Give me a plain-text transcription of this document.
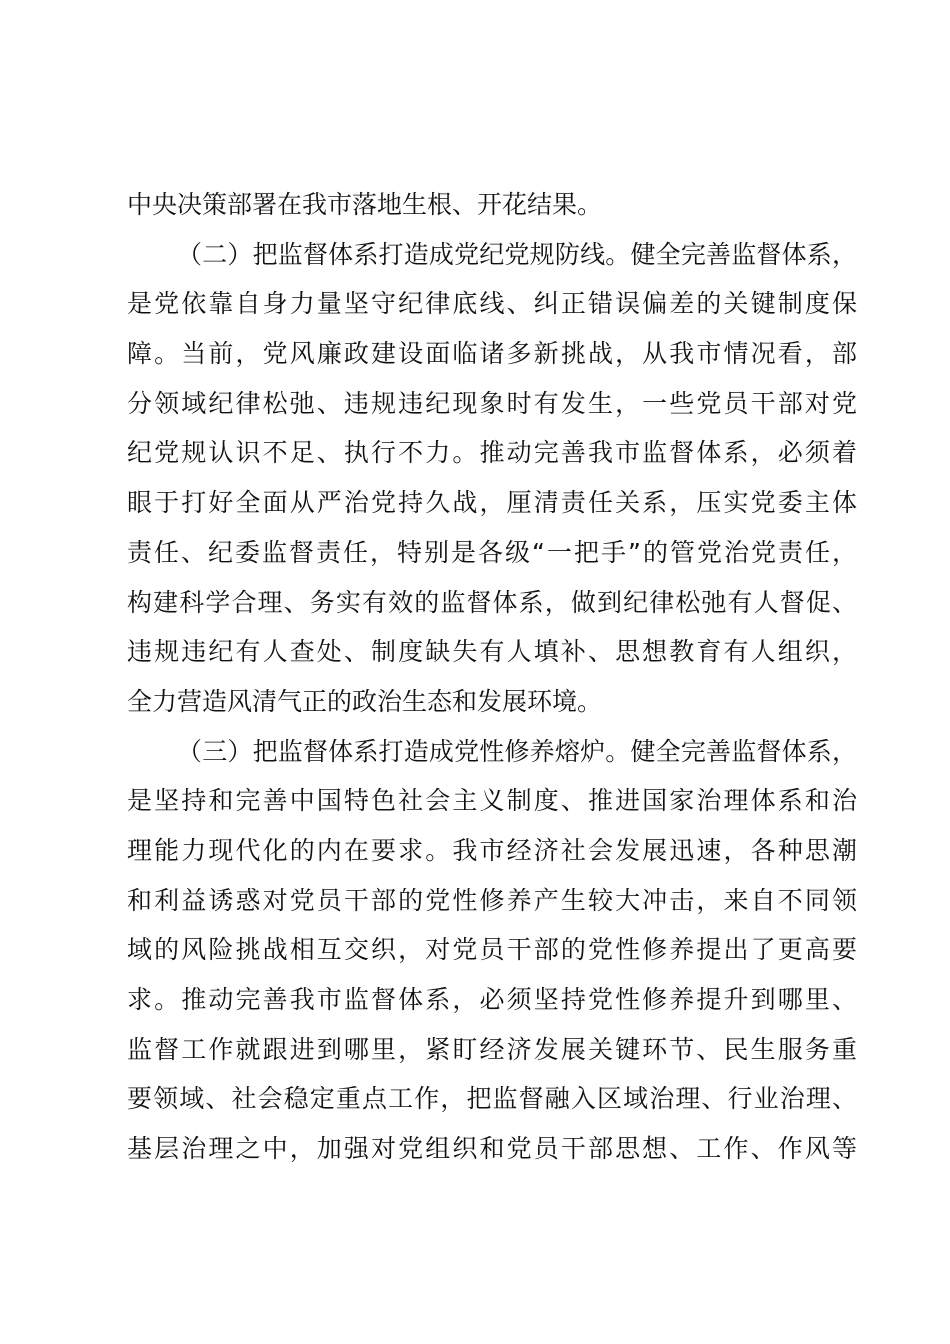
中央决策部署在我市落地生根、开花结果。
（二）把监督体系打造成党纪党规防线。健全完善监督体系，
是党依靠自身力量坚守纪律底线、纠正错误偏差的关键制度保
障。当前，党风廉政建设面临诸多新挑战，从我市情况看，部
分领域纪律松弛、违规违纪现象时有发生，一些党员干部对党
纪党规认识不足、执行不力。推动完善我市监督体系，必须着
眼于打好全面从严治党持久战，厘清责任关系，压实党委主体
责任、纪委监督责任，特别是各级“一把手”的管党治党责任，
构建科学合理、务实有效的监督体系，做到纪律松弛有人督促、
违规违纪有人查处、制度缺失有人填补、思想教育有人组织，
全力营造风清气正的政治生态和发展环境。
（三）把监督体系打造成党性修养熔炉。健全完善监督体系，
是坚持和完善中国特色社会主义制度、推进国家治理体系和治
理能力现代化的内在要求。我市经济社会发展迅速，各种思潮
和利益诱惑对党员干部的党性修养产生较大冲击，来自不同领
域的风险挑战相互交织，对党员干部的党性修养提出了更高要
求。推动完善我市监督体系，必须坚持党性修养提升到哪里、
监督工作就跟进到哪里，紧盯经济发展关键环节、民生服务重
要领域、社会稳定重点工作，把监督融入区域治理、行业治理、
基层治理之中，加强对党组织和党员干部思想、工作、作风等
